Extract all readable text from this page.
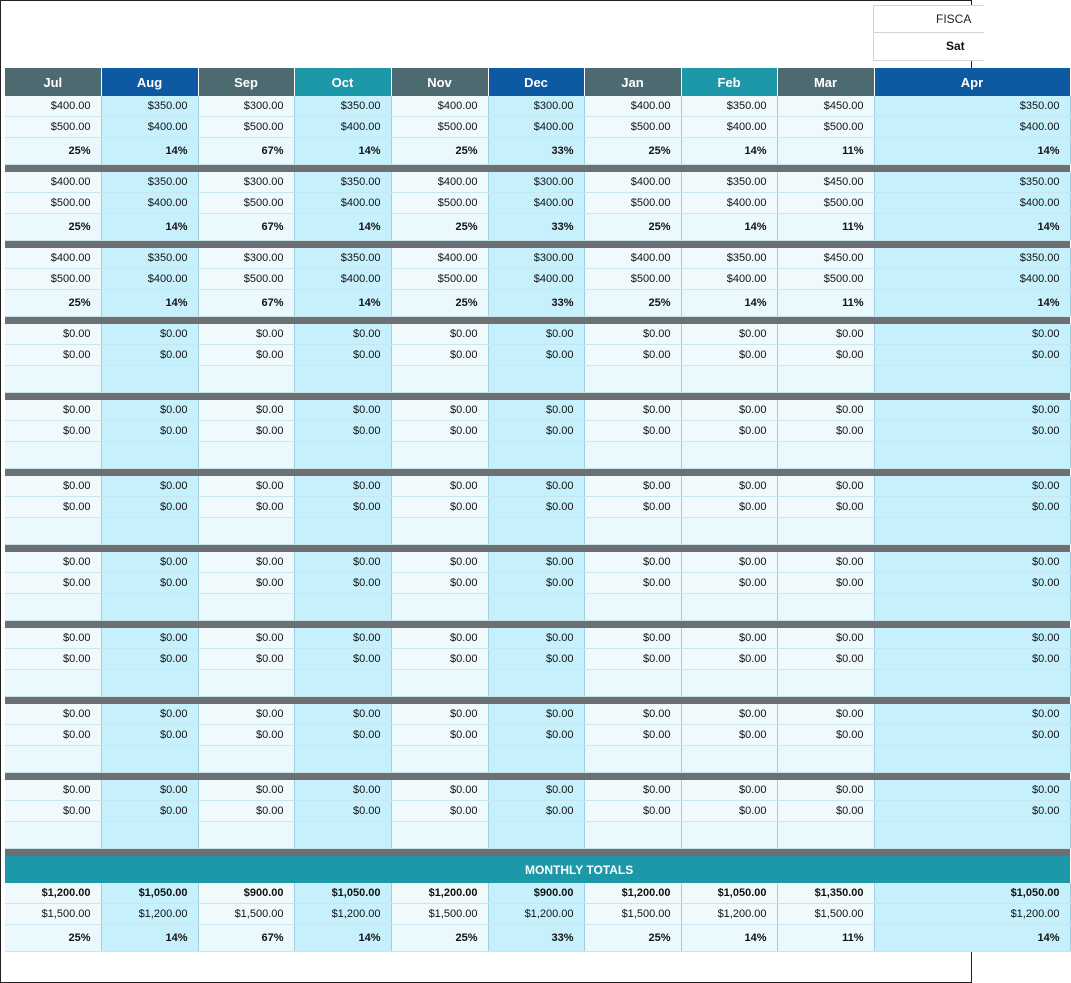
FISCA
Sat
Jul	Aug	Sep	Oct	Nov	Dec	Jan	Feb	Mar	Apr
$400.00	$350.00	$300.00	$350.00	$400.00	$300.00	$400.00	$350.00	$450.00	$350.00
$500.00	$400.00	$500.00	$400.00	$500.00	$400.00	$500.00	$400.00	$500.00	$400.00
25%	14%	67%	14%	25%	33%	25%	14%	11%	14%

$400.00	$350.00	$300.00	$350.00	$400.00	$300.00	$400.00	$350.00	$450.00	$350.00
$500.00	$400.00	$500.00	$400.00	$500.00	$400.00	$500.00	$400.00	$500.00	$400.00
25%	14%	67%	14%	25%	33%	25%	14%	11%	14%

$400.00	$350.00	$300.00	$350.00	$400.00	$300.00	$400.00	$350.00	$450.00	$350.00
$500.00	$400.00	$500.00	$400.00	$500.00	$400.00	$500.00	$400.00	$500.00	$400.00
25%	14%	67%	14%	25%	33%	25%	14%	11%	14%

$0.00	$0.00	$0.00	$0.00	$0.00	$0.00	$0.00	$0.00	$0.00	$0.00
$0.00	$0.00	$0.00	$0.00	$0.00	$0.00	$0.00	$0.00	$0.00	$0.00

$0.00	$0.00	$0.00	$0.00	$0.00	$0.00	$0.00	$0.00	$0.00	$0.00
$0.00	$0.00	$0.00	$0.00	$0.00	$0.00	$0.00	$0.00	$0.00	$0.00

$0.00	$0.00	$0.00	$0.00	$0.00	$0.00	$0.00	$0.00	$0.00	$0.00
$0.00	$0.00	$0.00	$0.00	$0.00	$0.00	$0.00	$0.00	$0.00	$0.00

$0.00	$0.00	$0.00	$0.00	$0.00	$0.00	$0.00	$0.00	$0.00	$0.00
$0.00	$0.00	$0.00	$0.00	$0.00	$0.00	$0.00	$0.00	$0.00	$0.00

$0.00	$0.00	$0.00	$0.00	$0.00	$0.00	$0.00	$0.00	$0.00	$0.00
$0.00	$0.00	$0.00	$0.00	$0.00	$0.00	$0.00	$0.00	$0.00	$0.00

$0.00	$0.00	$0.00	$0.00	$0.00	$0.00	$0.00	$0.00	$0.00	$0.00
$0.00	$0.00	$0.00	$0.00	$0.00	$0.00	$0.00	$0.00	$0.00	$0.00

$0.00	$0.00	$0.00	$0.00	$0.00	$0.00	$0.00	$0.00	$0.00	$0.00
$0.00	$0.00	$0.00	$0.00	$0.00	$0.00	$0.00	$0.00	$0.00	$0.00

MONTHLY TOTALS									
$1,200.00	$1,050.00	$900.00	$1,050.00	$1,200.00	$900.00	$1,200.00	$1,050.00	$1,350.00	$1,050.00
$1,500.00	$1,200.00	$1,500.00	$1,200.00	$1,500.00	$1,200.00	$1,500.00	$1,200.00	$1,500.00	$1,200.00
25%	14%	67%	14%	25%	33%	25%	14%	11%	14%
